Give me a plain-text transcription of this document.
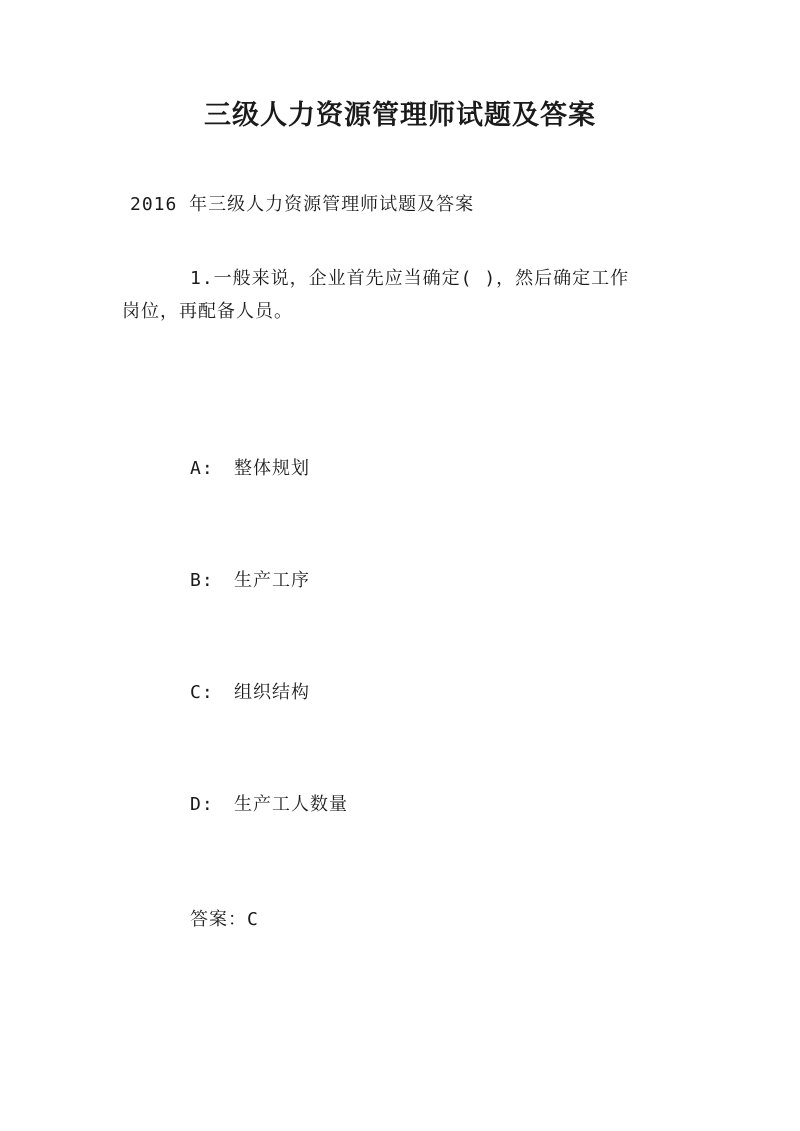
三级人力资源管理师试题及答案
2016 年三级人力资源管理师试题及答案
1.一般来说，企业首先应当确定( )，然后确定工作
岗位，再配备人员。
A: 整体规划
B: 生产工序
C: 组织结构
D: 生产工人数量
答案：C
